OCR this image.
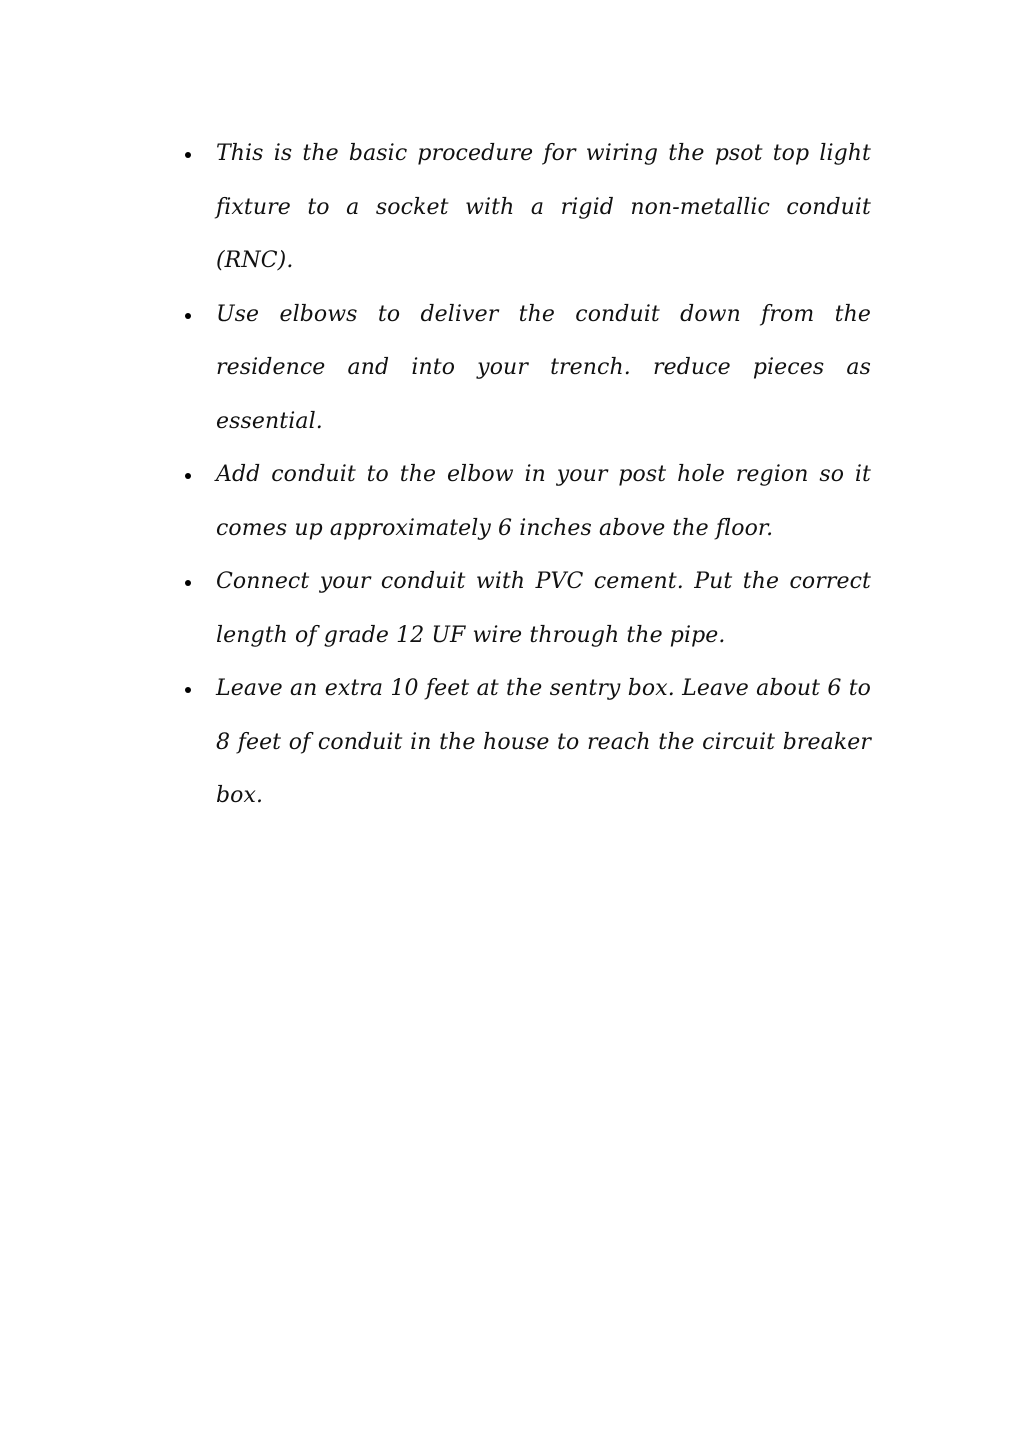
This is the basic procedure for wiring the psot top light fixture to a socket with a rigid non-metallic conduit (RNC).
Use elbows to deliver the conduit down from the residence and into your trench. reduce pieces as essential.
Add conduit to the elbow in your post hole region so it comes up approximately 6 inches above the floor.
Connect your conduit with PVC cement. Put the correct length of grade 12 UF wire through the pipe.
Leave an extra 10 feet at the sentry box. Leave about 6 to 8 feet of conduit in the house to reach the circuit breaker box.
